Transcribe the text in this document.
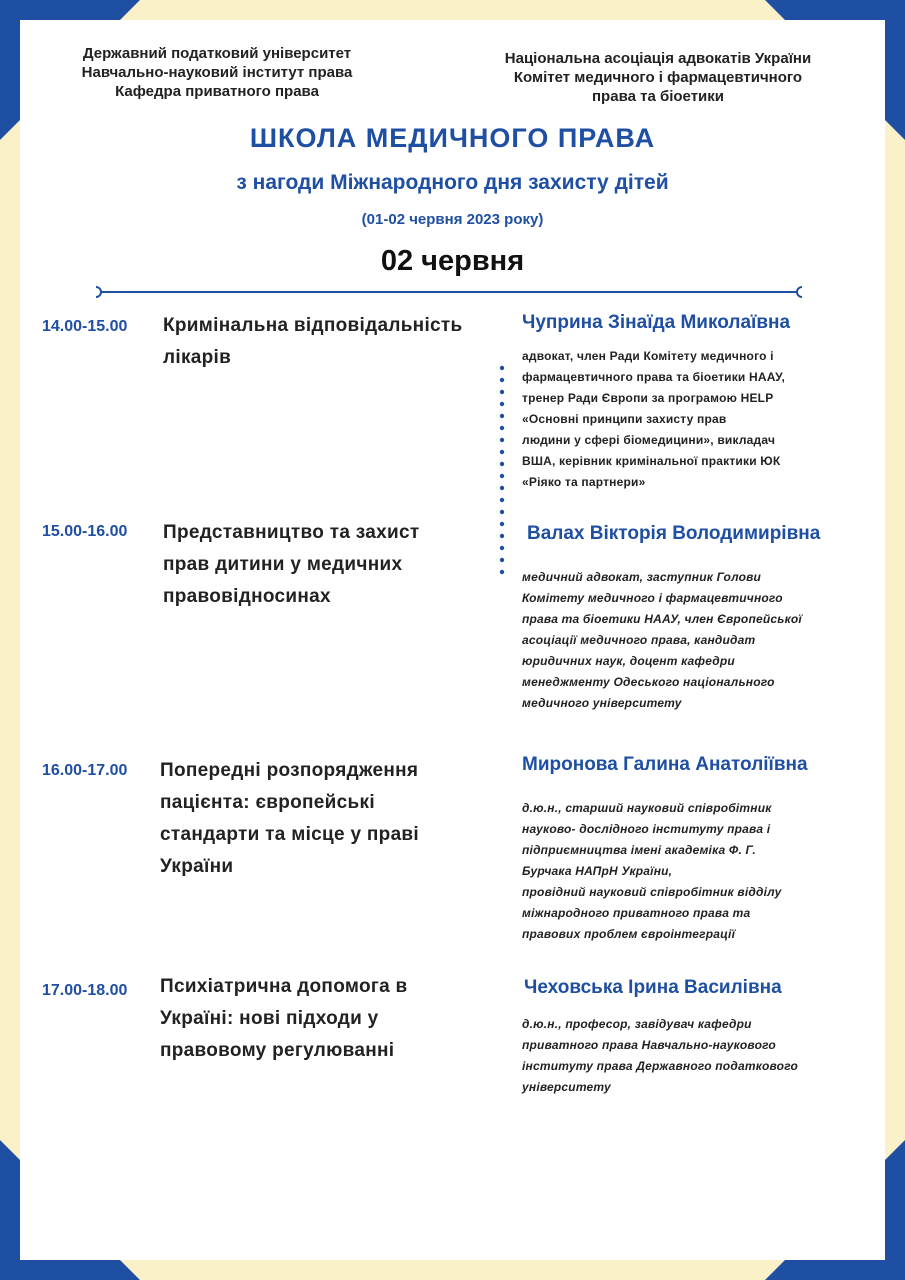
Державний податковий університет
Навчально-науковий інститут права
Кафедра приватного права
Національна асоціація адвокатів України
Комітет медичного і фармацевтичного
права та біоетики
ШКОЛА МЕДИЧНОГО ПРАВА
з нагоди Міжнародного дня захисту дітей
(01-02 червня 2023 року)
02 червня
14.00-15.00 Кримінальна відповідальність
лікарів
Чуприна Зінаїда Миколаївна
адвокат, член Ради Комітету медичного і
фармацевтичного права та біоетики НААУ,
тренер Ради Європи за програмою HELP
«Основні принципи захисту прав
людини у сфері біомедицини», викладач
ВША, керівник кримінальної практики ЮК
«Ріяко та партнери»
15.00-16.00 Представництво та захист
прав дитини у медичних
правовідносинах
Валах Вікторія Володимирівна
медичний адвокат, заступник Голови
Комітету медичного і фармацевтичного
права та біоетики НААУ, член Європейської
асоціації медичного права, кандидат
юридичних наук, доцент кафедри
менеджменту Одеського національного
медичного університету
16.00-17.00 Попередні розпорядження
пацієнта: європейські
стандарти та місце у праві
України
Миронова Галина Анатоліївна
д.ю.н., старший науковий співробітник
науково- дослідного інституту права і
підприємництва імені академіка Ф. Г.
Бурчака НАПрН України,
провідний науковий співробітник відділу
міжнародного приватного права та
правових проблем євроінтеграції
17.00-18.00 Психіатрична допомога в
Україні: нові підходи у
правовому регулюванні
Чеховська Ірина Василівна
д.ю.н., професор, завідувач кафедри
приватного права Навчально-наукового
інституту права Державного податкового
університету
